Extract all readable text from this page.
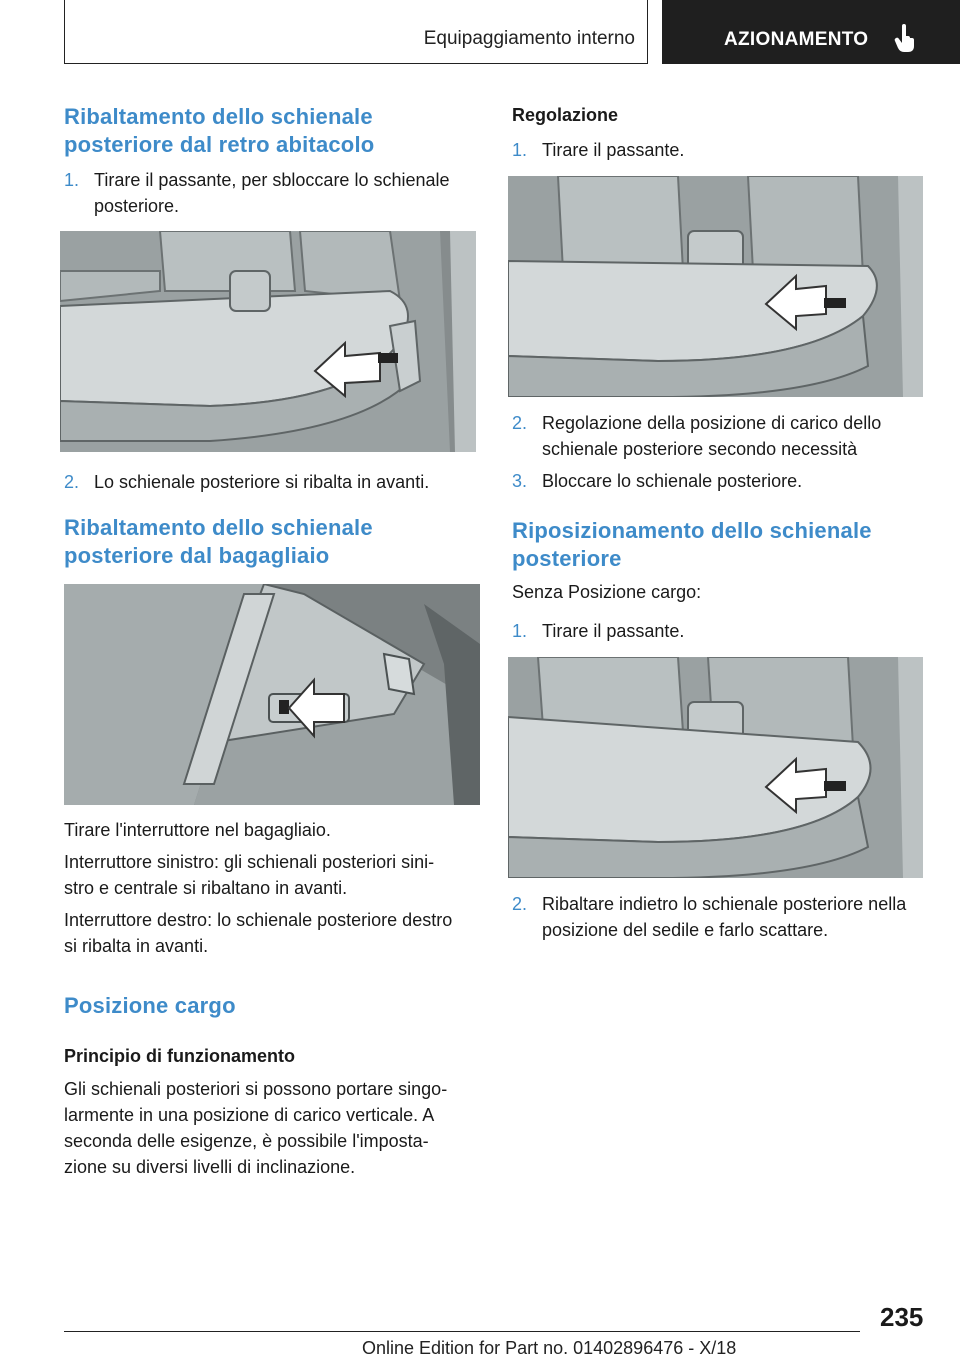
Equipaggiamento interno	AZIONAMENTO
Ribaltamento dello schienale
posteriore dal retro abitacolo
1. Tirare il passante, per sbloccare lo schienale
posteriore.
2. Lo schienale posteriore si ribalta in avanti.
Ribaltamento dello schienale
posteriore dal bagagliaio

Tirare l'interruttore nel bagagliaio.

Interruttore sinistro: gli schienali posteriori sini-
stro e centrale si ribaltano in avanti.

Interruttore destro: lo schienale posteriore destro
si ribalta in avanti.

Posizione cargo
Principio di funzionamento

Gli schienali posteriori si possono portare singo-
larmente in una posizione di carico verticale. A
seconda delle esigenze, è possibile l'imposta-
zione su diversi livelli di inclinazione.

Regolazione
1. Tirare il passante.
2. Regolazione della posizione di carico dello
schienale posteriore secondo necessità
3. Bloccare lo schienale posteriore.
Riposizionamento dello schienale
posteriore

Senza Posizione cargo:

1. Tirare il passante.
2. Ribaltare indietro lo schienale posteriore nella
posizione del sedile e farlo scattare.
235
Online Edition for Part no. 01402896476 - X/18
